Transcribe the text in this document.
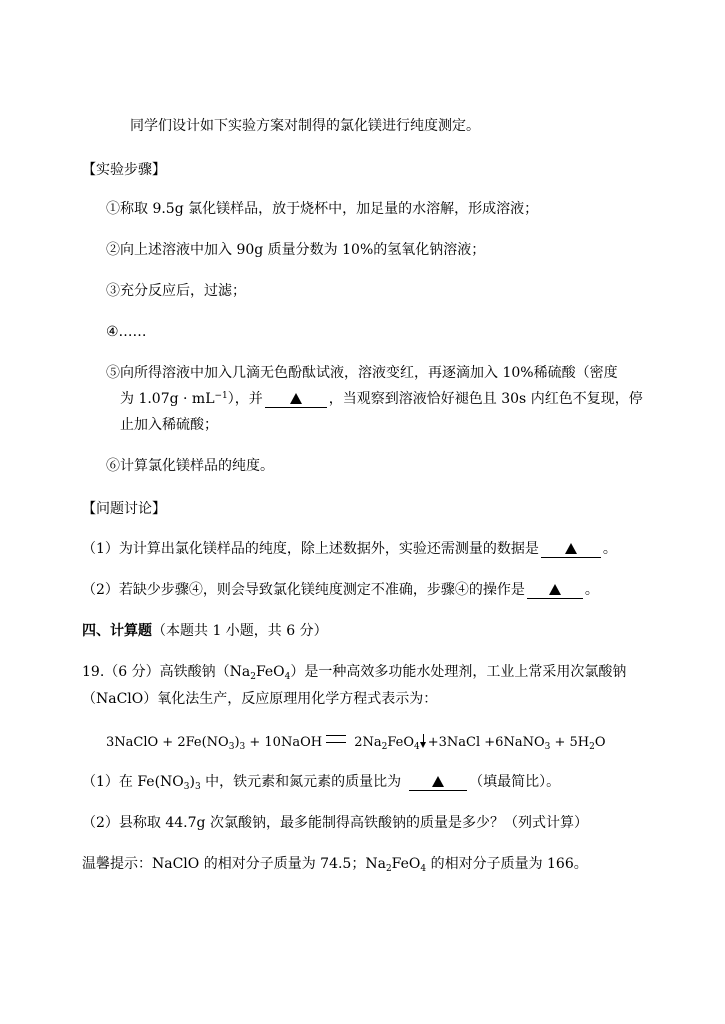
同学们设计如下实验方案对制得的氯化镁进行纯度测定。
【实验步骤】
①称取 9.5g 氯化镁样品，放于烧杯中，加足量的水溶解，形成溶液；
②向上述溶液中加入 90g 质量分数为 10%的氢氧化钠溶液；
③充分反应后，过滤；
④……
⑤向所得溶液中加入几滴无色酚酞试液，溶液变红，再逐滴加入 10%稀硫酸（密度
为 $1.07g \cdot mL^{-1}$），并	，当观察到溶液恰好褪色且 30s 内红色不复现，停
止加入稀硫酸；
⑥计算氯化镁样品的纯度。
【问题讨论】
（1）为计算出氯化镁样品的纯度，除上述数据外，实验还需测量的数据是	。
（2）若缺少步骤④，则会导致氯化镁纯度测定不准确，步骤④的操作是	。
四、计算题（本题共 1 小题，共 6 分）
19.（6 分）高铁酸钠$(Na_2FeO_4)$是一种高效多功能水处理剂，工业上常采用次氯酸钠
（NaClO）氧化法生产，反应原理用化学方程式表示为：
3NaClO + $2Fe(NO_3)_3$ + 10NaOH $2Na_2FeO_4$ +3NaCl +6NaNO$_3$ + $5H_2O$
（1）在 $Fe(NO_3)_3$ 中，铁元素和氮元素的质量比为	（填最简比）。
（2）县称取 44.7g 次氯酸钠，最多能制得高铁酸钠的质量是多少？（列式计算）
温馨提示：NaClO 的相对分子质量为 74.5；$Na_2FeO_4$ 的相对分子质量为 166。
